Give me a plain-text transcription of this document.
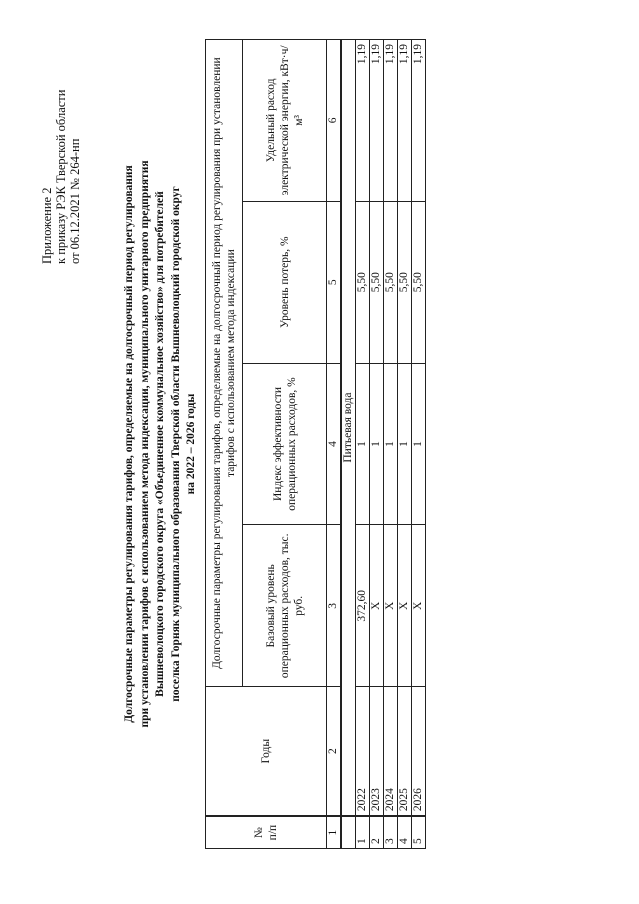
Приложение 2 к приказу РЭК Тверской области от 06.12.2021 № 264-нп	Долгосрочные параметры регулирования тарифов, определяемые на долгосрочный период регулирования при установлении тарифов с использованием метода индексации, муниципального унитарного предприятия Вышневолоцкого городского округа «Объединенное коммунальное хозяйство» для потребителей поселка Горняк муниципального образования Тверской области Вышневолоцкий городской округ на 2022 – 2026 годы
№ п/п	Годы	Долгосрочные параметры регулирования тарифов, определяемые на долгосрочный период регулирования при установлении тарифов с использованием метода индексации			
		Базовый уровень операционных расходов, тыс. руб.	Индекс эффективности операционных расходов, %	Уровень потерь, %	Удельный расход электрической энергии, кВт·ч/м³
1	2	3	4	5	6
	Питьевая вода				
1	2022	372,60	1	5,50	1,19
2	2023	X	1	5,50	1,19
3	2024	X	1	5,50	1,19
4	2025	X	1	5,50	1,19
5	2026	X	1	5,50	1,19
